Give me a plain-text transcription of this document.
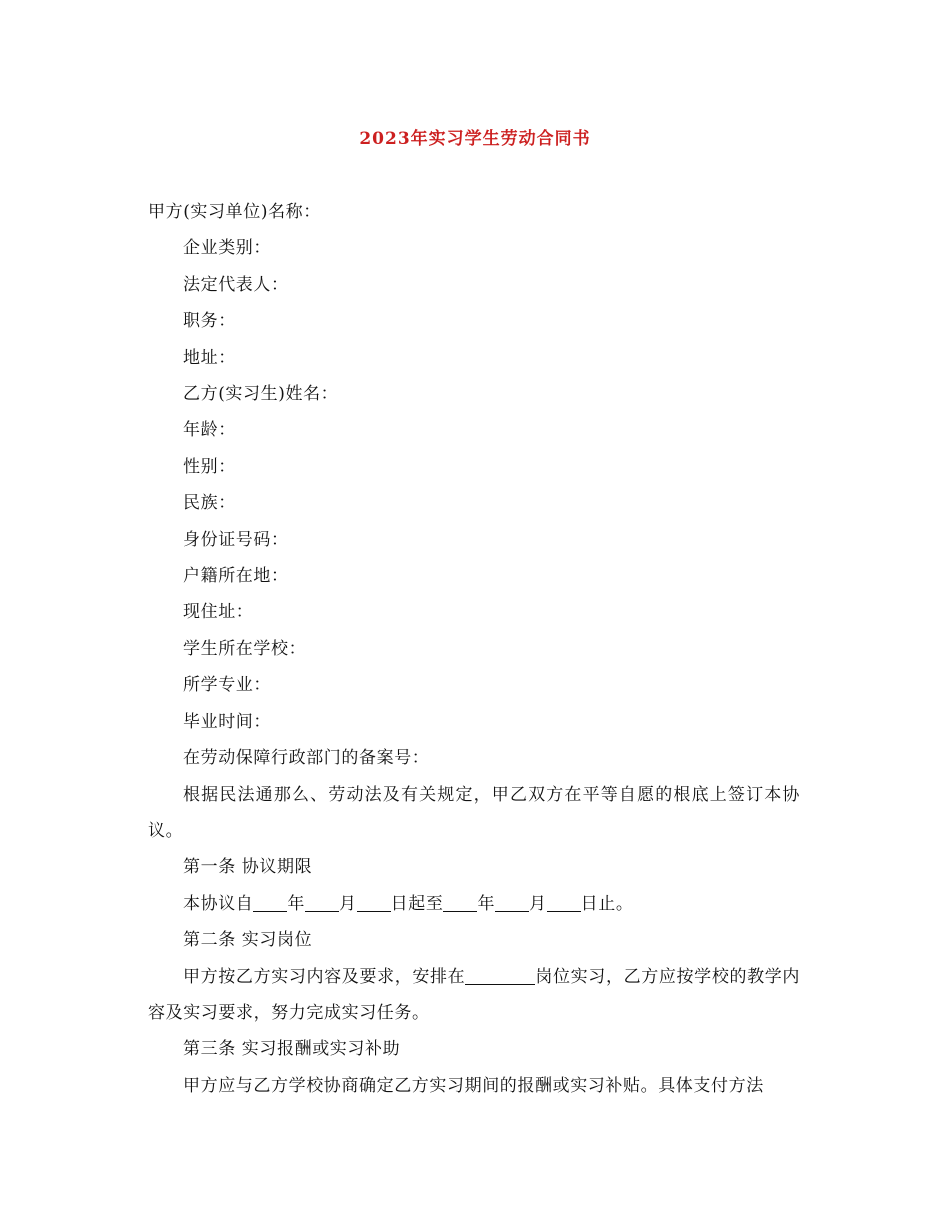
2023年实习学生劳动合同书

甲方(实习单位)名称：

企业类别：

法定代表人：

职务：

地址：

乙方(实习生)姓名：

年龄：

性别：

民族：

身份证号码：

户籍所在地：

现住址：

学生所在学校：

所学专业：

毕业时间：

在劳动保障行政部门的备案号：

根据民法通那么、劳动法及有关规定，甲乙双方在平等自愿的根底上签订本协议。

第一条 协议期限

本协议自 年 月 日起至 年 月 日止。

第二条 实习岗位

甲方按乙方实习内容及要求，安排在	岗位实习，乙方应按学校的教学内容及实习要求，努力完成实习任务。

第三条 实习报酬或实习补助

甲方应与乙方学校协商确定乙方实习期间的报酬或实习补贴。具体支付方法
